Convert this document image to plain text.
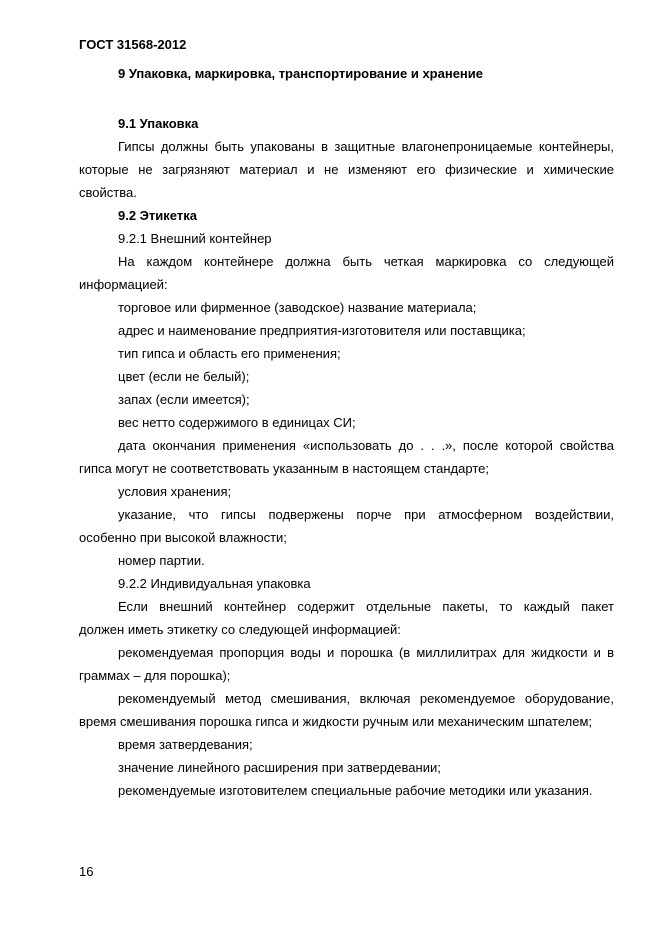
ГОСТ 31568-2012
9 Упаковка, маркировка, транспортирование и хранение
9.1 Упаковка
Гипсы должны быть упакованы в защитные влагонепроницаемые контейнеры,
которые не загрязняют материал и не изменяют его физические и химические
свойства.
9.2 Этикетка
9.2.1 Внешний контейнер
На каждом контейнере должна быть четкая маркировка со следующей
информацией:
торговое или фирменное (заводское) название материала;
адрес и наименование предприятия-изготовителя или поставщика;
тип гипса и область его применения;
цвет (если не белый);
запах (если имеется);
вес нетто содержимого в единицах СИ;
дата окончания применения «использовать до . . .», после которой свойства
гипса могут не соответствовать указанным в настоящем стандарте;
условия хранения;
указание, что гипсы подвержены порче при атмосферном воздействии,
особенно при высокой влажности;
номер партии.
9.2.2 Индивидуальная упаковка
Если внешний контейнер содержит отдельные пакеты, то каждый пакет
должен иметь этикетку со следующей информацией:
рекомендуемая пропорция воды и порошка (в миллилитрах для жидкости и в
граммах – для порошка);
рекомендуемый метод смешивания, включая рекомендуемое оборудование,
время смешивания порошка гипса и жидкости ручным или механическим шпателем;
время затвердевания;
значение линейного расширения при затвердевании;
рекомендуемые изготовителем специальные рабочие методики или указания.
16
